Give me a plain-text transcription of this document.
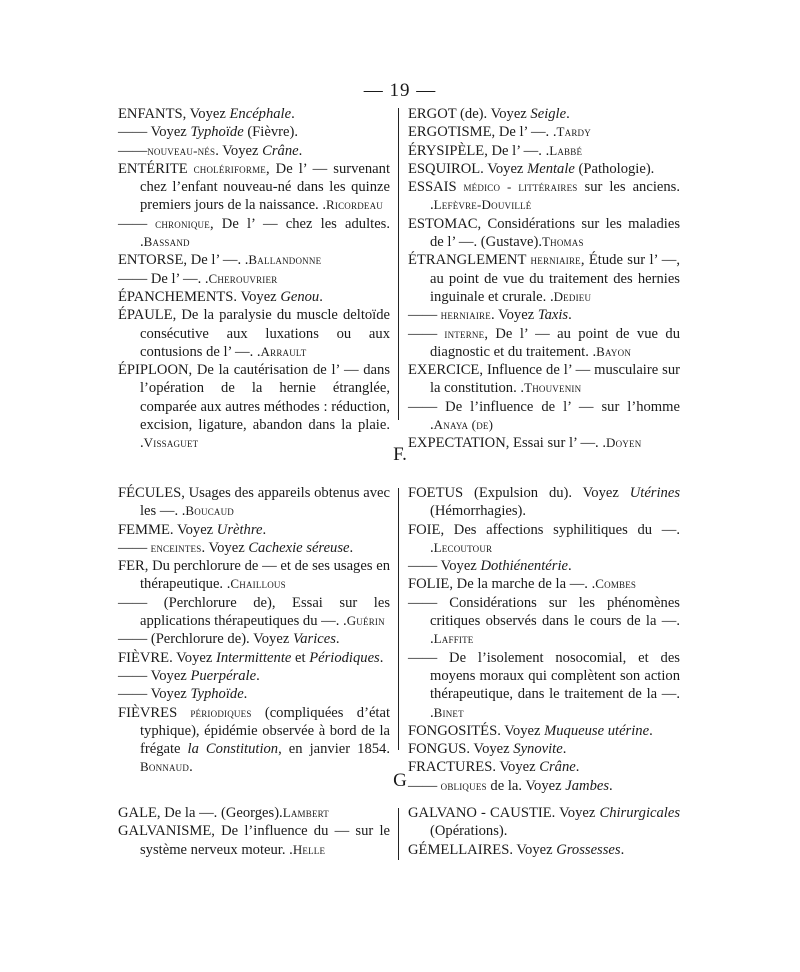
— 19 —
ENFANTS, Voyez Encéphale.
—— Voyez Typhoïde (Fièvre).
——nouveau-nés. Voyez Crâne.
ENTÉRITE cholériforme, De l’ — survenant chez l’enfant nouveau-né dans les quinze premiers jours de la naissance. .Ricordeau
—— chronique, De l’ — chez les adultes. .Bassand
ENTORSE, De l’ —. .Ballandonne
—— De l’ —. .Cherouvrier
ÉPANCHEMENTS. Voyez Genou.
ÉPAULE, De la paralysie du muscle deltoïde consécutive aux luxations ou aux contusions de l’ —. .Arrault
ÉPIPLOON, De la cautérisation de l’ — dans l’opération de la hernie étranglée, comparée aux autres méthodes : réduction, excision, ligature, abandon dans la plaie. .Vissaguet
ERGOT (de). Voyez Seigle.
ERGOTISME, De l’ —. .Tardy
ÉRYSIPÈLE, De l’ —. .Labbé
ESQUIROL. Voyez Mentale (Pathologie).
ESSAIS médico - littéraires sur les anciens. .Lefèvre-Douvillé
ESTOMAC, Considérations sur les maladies de l’ —. (Gustave).Thomas
ÉTRANGLEMENT herniaire, Étude sur l’ —, au point de vue du traitement des hernies inguinale et crurale. .Dedieu
—— herniaire. Voyez Taxis.
—— interne, De l’ — au point de vue du diagnostic et du traitement. .Bayon
EXERCICE, Influence de l’ — musculaire sur la constitution. .Thouvenin
—— De l’influence de l’ — sur l’homme .Anaya (de)
EXPECTATION, Essai sur l’ —. .Doyen
F.
FÉCULES, Usages des appareils obtenus avec les —. .Boucaud
FEMME. Voyez Urèthre.
—— enceintes. Voyez Cachexie séreuse.
FER, Du perchlorure de — et de ses usages en thérapeutique. .Chaillous
—— (Perchlorure de), Essai sur les applications thérapeutiques du —. .Guérin
—— (Perchlorure de). Voyez Varices.
FIÈVRE. Voyez Intermittente et Périodiques.
—— Voyez Puerpérale.
—— Voyez Typhoïde.
FIÈVRES périodiques (compliquées d’état typhique), épidémie observée à bord de la frégate la Constitution, en janvier 1854. Bonnaud.
FOETUS (Expulsion du). Voyez Utérines (Hémorrhagies).
FOIE, Des affections syphilitiques du —. .Lecoutour
—— Voyez Dothiénentérie.
FOLIE, De la marche de la —. .Combes
—— Considérations sur les phénomènes critiques observés dans le cours de la —. .Laffite
—— De l’isolement nosocomial, et des moyens moraux qui complètent son action thérapeutique, dans le traitement de la —. .Binet
FONGOSITÉS. Voyez Muqueuse utérine.
FONGUS. Voyez Synovite.
FRACTURES. Voyez Crâne.
—— obliques de la. Voyez Jambes.
G
GALE, De la —. (Georges).Lambert
GALVANISME, De l’influence du — sur le système nerveux moteur. .Helle
GALVANO - CAUSTIE. Voyez Chirurgicales (Opérations).
GÉMELLAIRES. Voyez Grossesses.
